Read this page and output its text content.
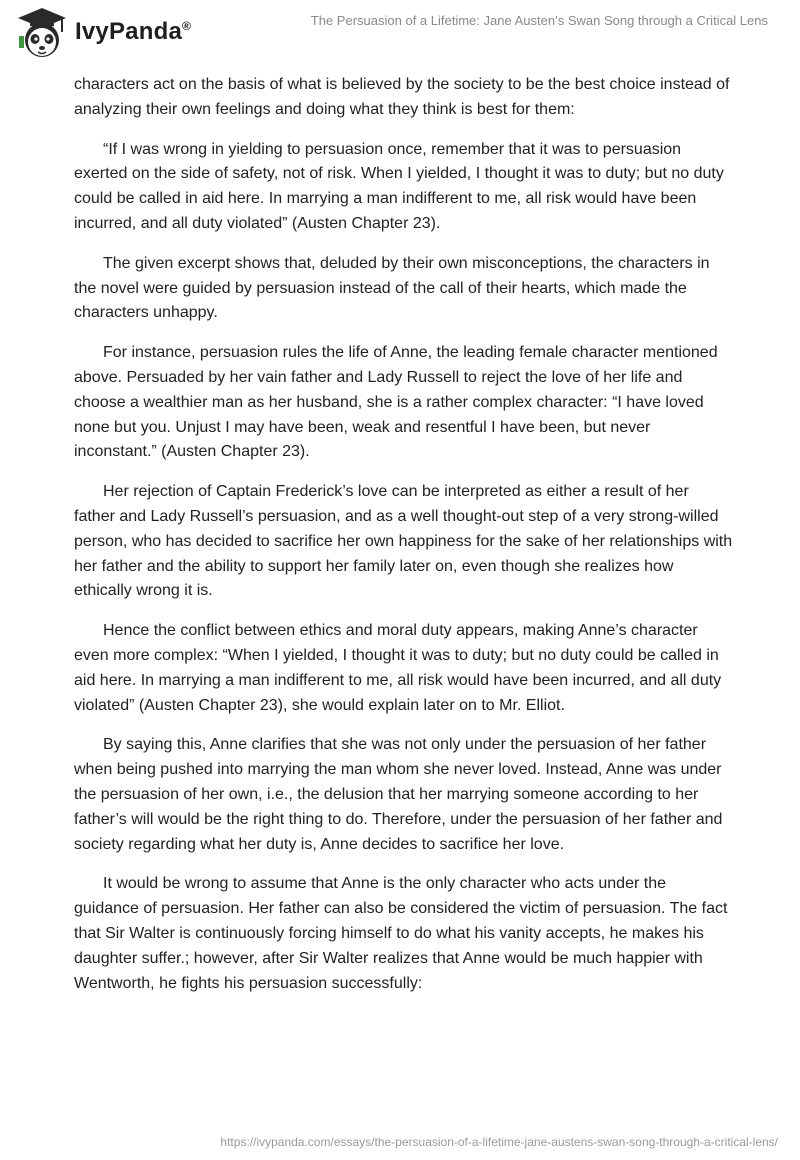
IvyPanda®	The Persuasion of a Lifetime: Jane Austen’s Swan Song through a Critical Lens

characters act on the basis of what is believed by the society to be the best choice instead of analyzing their own feelings and doing what they think is best for them:

“If I was wrong in yielding to persuasion once, remember that it was to persuasion exerted on the side of safety, not of risk. When I yielded, I thought it was to duty; but no duty could be called in aid here. In marrying a man indifferent to me, all risk would have been incurred, and all duty violated” (Austen Chapter 23).

The given excerpt shows that, deluded by their own misconceptions, the characters in the novel were guided by persuasion instead of the call of their hearts, which made the characters unhappy.

For instance, persuasion rules the life of Anne, the leading female character mentioned above. Persuaded by her vain father and Lady Russell to reject the love of her life and choose a wealthier man as her husband, she is a rather complex character: “I have loved none but you. Unjust I may have been, weak and resentful I have been, but never inconstant.” (Austen Chapter 23).

Her rejection of Captain Frederick’s love can be interpreted as either a result of her father and Lady Russell’s persuasion, and as a well thought-out step of a very strong-willed person, who has decided to sacrifice her own happiness for the sake of her relationships with her father and the ability to support her family later on, even though she realizes how ethically wrong it is.

Hence the conflict between ethics and moral duty appears, making Anne’s character even more complex: “When I yielded, I thought it was to duty; but no duty could be called in aid here. In marrying a man indifferent to me, all risk would have been incurred, and all duty violated” (Austen Chapter 23), she would explain later on to Mr. Elliot.

By saying this, Anne clarifies that she was not only under the persuasion of her father when being pushed into marrying the man whom she never loved. Instead, Anne was under the persuasion of her own, i.e., the delusion that her marrying someone according to her father’s will would be the right thing to do. Therefore, under the persuasion of her father and society regarding what her duty is, Anne decides to sacrifice her love.

It would be wrong to assume that Anne is the only character who acts under the guidance of persuasion. Her father can also be considered the victim of persuasion. The fact that Sir Walter is continuously forcing himself to do what his vanity accepts, he makes his daughter suffer.; however, after Sir Walter realizes that Anne would be much happier with Wentworth, he fights his persuasion successfully:

https://ivypanda.com/essays/the-persuasion-of-a-lifetime-jane-austens-swan-song-through-a-critical-lens/
